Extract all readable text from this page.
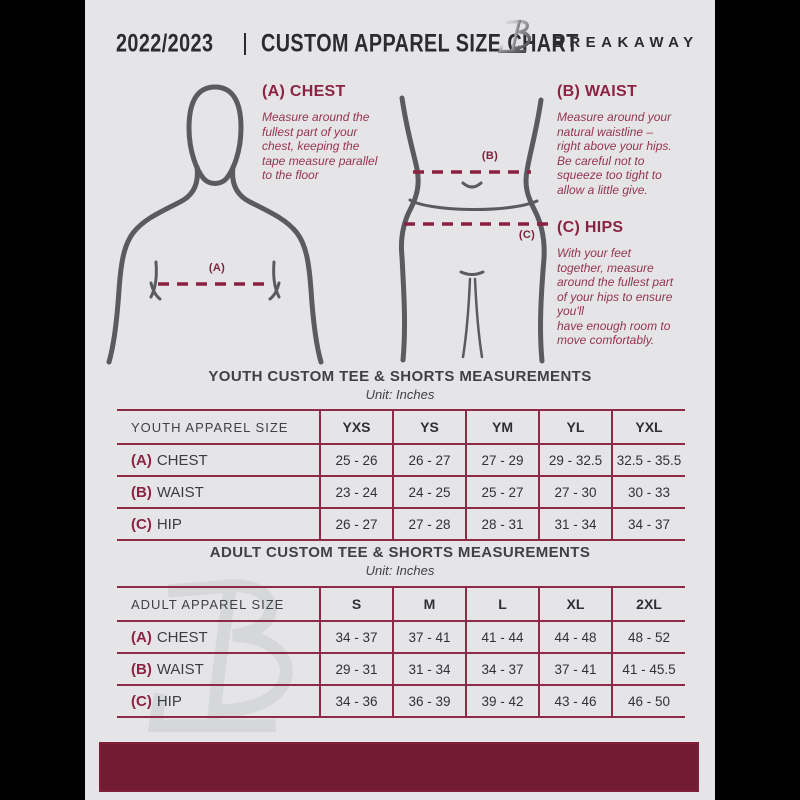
2022/2023 CUSTOM APPAREL SIZE CHART
BREAKAWAY
(A)
(B)
(C)
(A) CHEST

Measure around the
fullest part of your
chest, keeping the
tape measure parallel
to the floor

(B) WAIST

Measure around your
natural waistline –
right above your hips.
Be careful not to
squeeze too tight to
allow a little give.

(C) HIPS

With your feet
together, measure
around the fullest part
of your hips to ensure
you'll
have enough room to
move comfortably.

YOUTH CUSTOM TEE & SHORTS MEASUREMENTS
Unit: Inches
YOUTH APPAREL SIZE	YXS	YS	YM	YL	YXL
(A) CHEST	25 - 26	26 - 27	27 - 29	29 - 32.5	32.5 - 35.5
(B) WAIST	23 - 24	24 - 25	25 - 27	27 - 30	30 - 33
(C) HIP	26 - 27	27 - 28	28 - 31	31 - 34	34 - 37
ADULT CUSTOM TEE & SHORTS MEASUREMENTS
Unit: Inches
ADULT APPAREL SIZE	S	M	L	XL	2XL
(A) CHEST	34 - 37	37 - 41	41 - 44	44 - 48	48 - 52
(B) WAIST	29 - 31	31 - 34	34 - 37	37 - 41	41 - 45.5
(C) HIP	34 - 36	36 - 39	39 - 42	43 - 46	46 - 50
